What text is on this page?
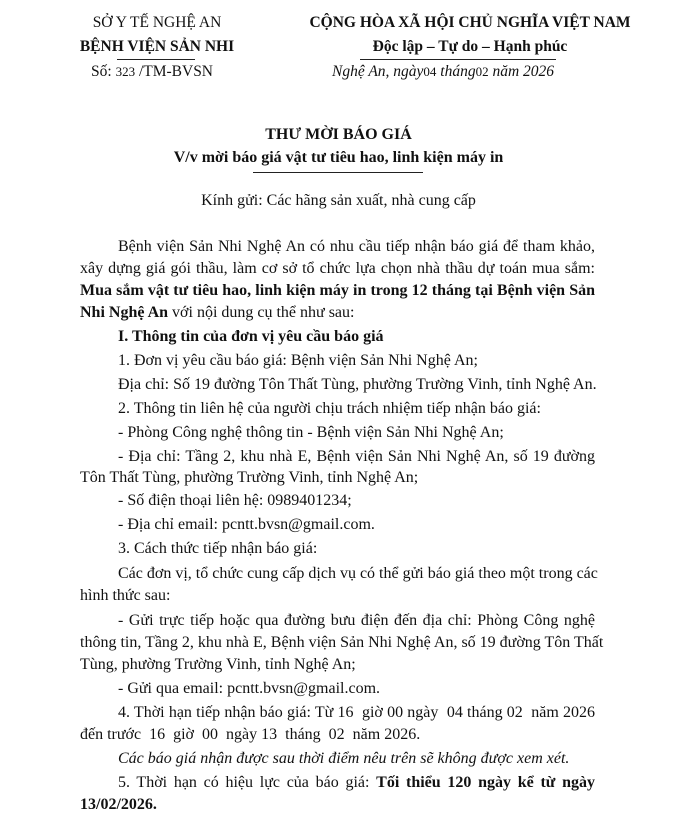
SỞ Y TẾ NGHỆ AN
BỆNH VIỆN SẢN NHI
Số: 323 /TM-BVSN
CỘNG HÒA XÃ HỘI CHỦ NGHĨA VIỆT NAM
Độc lập – Tự do – Hạnh phúc
Nghệ An, ngày04 tháng02 năm 2026
THƯ MỜI BÁO GIÁ
V/v mời báo giá vật tư tiêu hao, linh kiện máy in
Kính gửi: Các hãng sản xuất, nhà cung cấp
Bệnh viện Sản Nhi Nghệ An có nhu cầu tiếp nhận báo giá để tham khảo,
xây dựng giá gói thầu, làm cơ sở tổ chức lựa chọn nhà thầu dự toán mua sắm:
Mua sắm vật tư tiêu hao, linh kiện máy in trong 12 tháng tại Bệnh viện Sản
Nhi Nghệ An với nội dung cụ thể như sau:
I. Thông tin của đơn vị yêu cầu báo giá
1. Đơn vị yêu cầu báo giá: Bệnh viện Sản Nhi Nghệ An;
Địa chỉ: Số 19 đường Tôn Thất Tùng, phường Trường Vinh, tỉnh Nghệ An.
2. Thông tin liên hệ của người chịu trách nhiệm tiếp nhận báo giá:
- Phòng Công nghệ thông tin - Bệnh viện Sản Nhi Nghệ An;
- Địa chỉ: Tầng 2, khu nhà E, Bệnh viện Sản Nhi Nghệ An, số 19 đường
Tôn Thất Tùng, phường Trường Vinh, tỉnh Nghệ An;
- Số điện thoại liên hệ: 0989401234;
- Địa chỉ email: pcntt.bvsn@gmail.com.
3. Cách thức tiếp nhận báo giá:
Các đơn vị, tổ chức cung cấp dịch vụ có thể gửi báo giá theo một trong các
hình thức sau:
- Gửi trực tiếp hoặc qua đường bưu điện đến địa chỉ: Phòng Công nghệ
thông tin, Tầng 2, khu nhà E, Bệnh viện Sản Nhi Nghệ An, số 19 đường Tôn Thất
Tùng, phường Trường Vinh, tỉnh Nghệ An;
- Gửi qua email: pcntt.bvsn@gmail.com.
4. Thời hạn tiếp nhận báo giá: Từ 16  giờ 00 ngày  04 tháng 02  năm 2026
đến trước  16  giờ  00  ngày 13  tháng  02  năm 2026.
Các báo giá nhận được sau thời điểm nêu trên sẽ không được xem xét.
5. Thời hạn có hiệu lực của báo giá: Tối thiểu 120 ngày kể từ ngày
13/02/2026.
